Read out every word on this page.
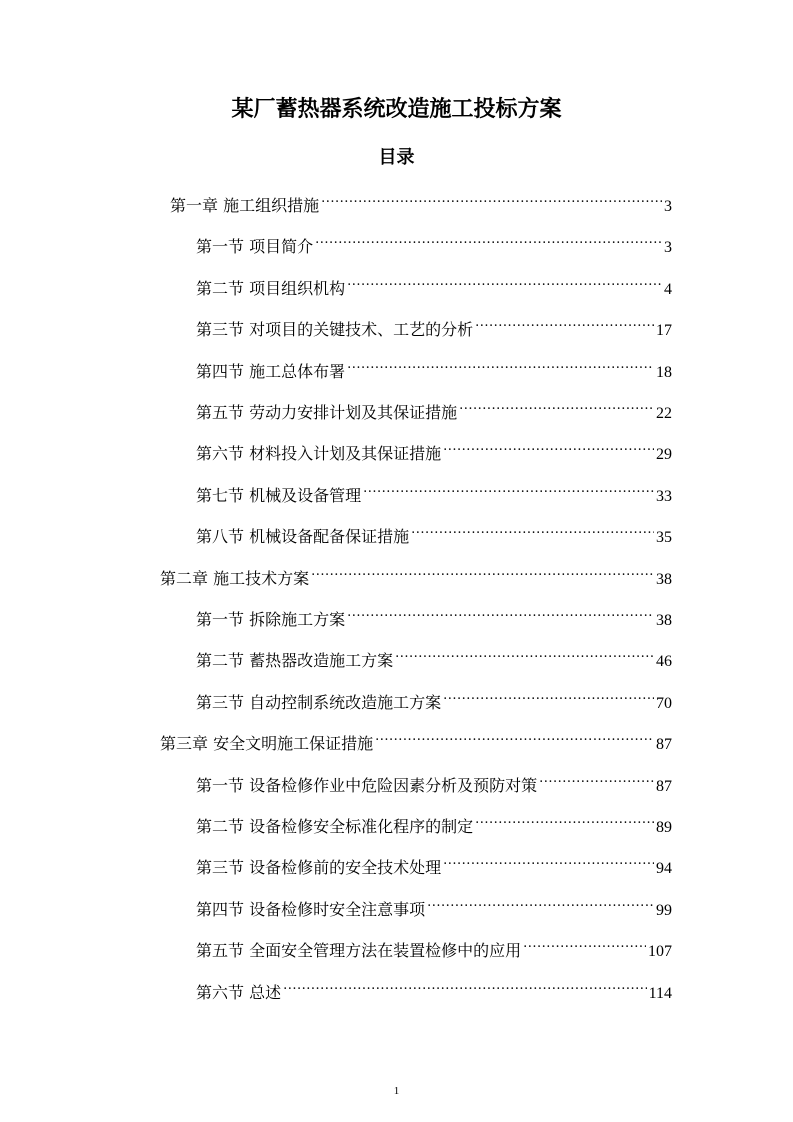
某厂蓄热器系统改造施工投标方案
目录
第一章 施工组织措施 .....	3
第一节 项目简介 .....	3
第二节 项目组织机构 .....	4
第三节 对项目的关键技术、工艺的分析 .....	17
第四节 施工总体布署 .....	18
第五节 劳动力安排计划及其保证措施 .....	22
第六节 材料投入计划及其保证措施 .....	29
第七节 机械及设备管理 .....	33
第八节 机械设备配备保证措施 .....	35
第二章 施工技术方案 .....	38
第一节 拆除施工方案 .....	38
第二节 蓄热器改造施工方案 .....	46
第三节 自动控制系统改造施工方案 .....	70
第三章 安全文明施工保证措施 .....	87
第一节 设备检修作业中危险因素分析及预防对策 .....	87
第二节 设备检修安全标准化程序的制定 .....	89
第三节 设备检修前的安全技术处理 .....	94
第四节 设备检修时安全注意事项 .....	99
第五节 全面安全管理方法在装置检修中的应用 .....	107
第六节 总述 .....	114
1
